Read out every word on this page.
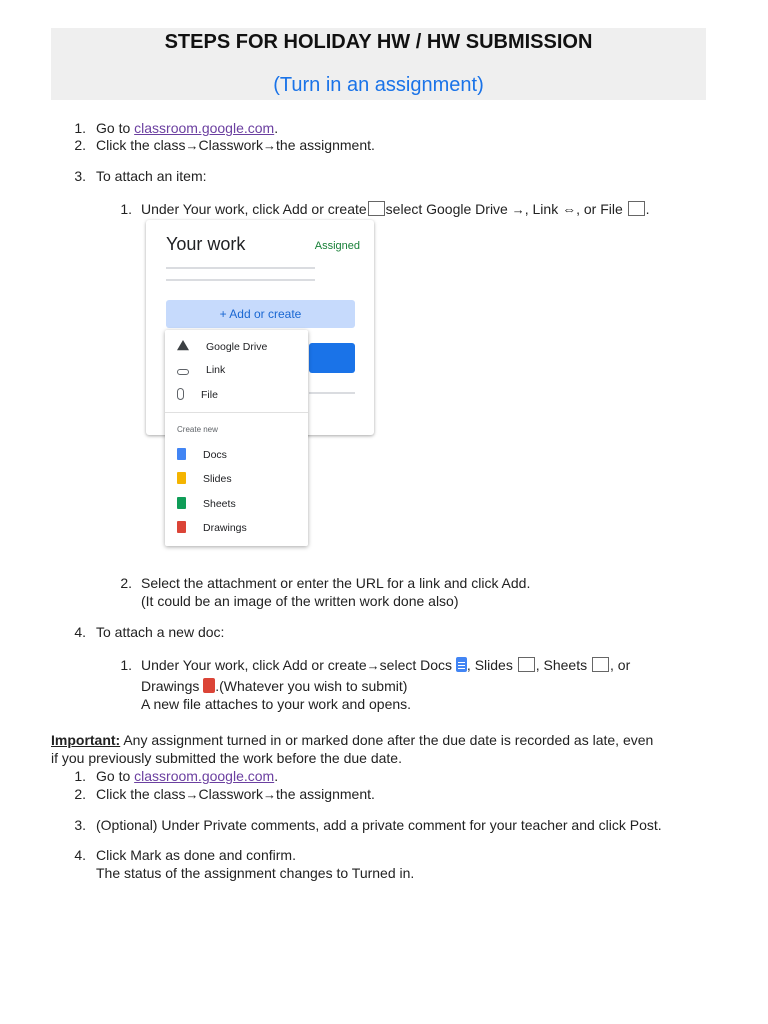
STEPS FOR HOLIDAY HW / HW SUBMISSION
(Turn in an assignment)
1. Go to classroom.google.com.
2. Click the class→Classwork→the assignment.
3. To attach an item:
1. Under Your work, click Add or create select Google Drive →, Link ⇔, or File .
Your work	Assigned
+ Add or create
Google Drive
Link
File
Create new
Docs
Slides
Sheets
Drawings
2. Select the attachment or enter the URL for a link and click Add.
(It could be an image of the written work done also)
4. To attach a new doc:
1. Under Your work, click Add or create→select Docs , Slides , Sheets , or
Drawings .(Whatever you wish to submit)
A new file attaches to your work and opens.
Important: Any assignment turned in or marked done after the due date is recorded as late, even
if you previously submitted the work before the due date.
1. Go to classroom.google.com.
2. Click the class→Classwork→the assignment.
3. (Optional) Under Private comments, add a private comment for your teacher and click Post.
4. Click Mark as done and confirm.
The status of the assignment changes to Turned in.
